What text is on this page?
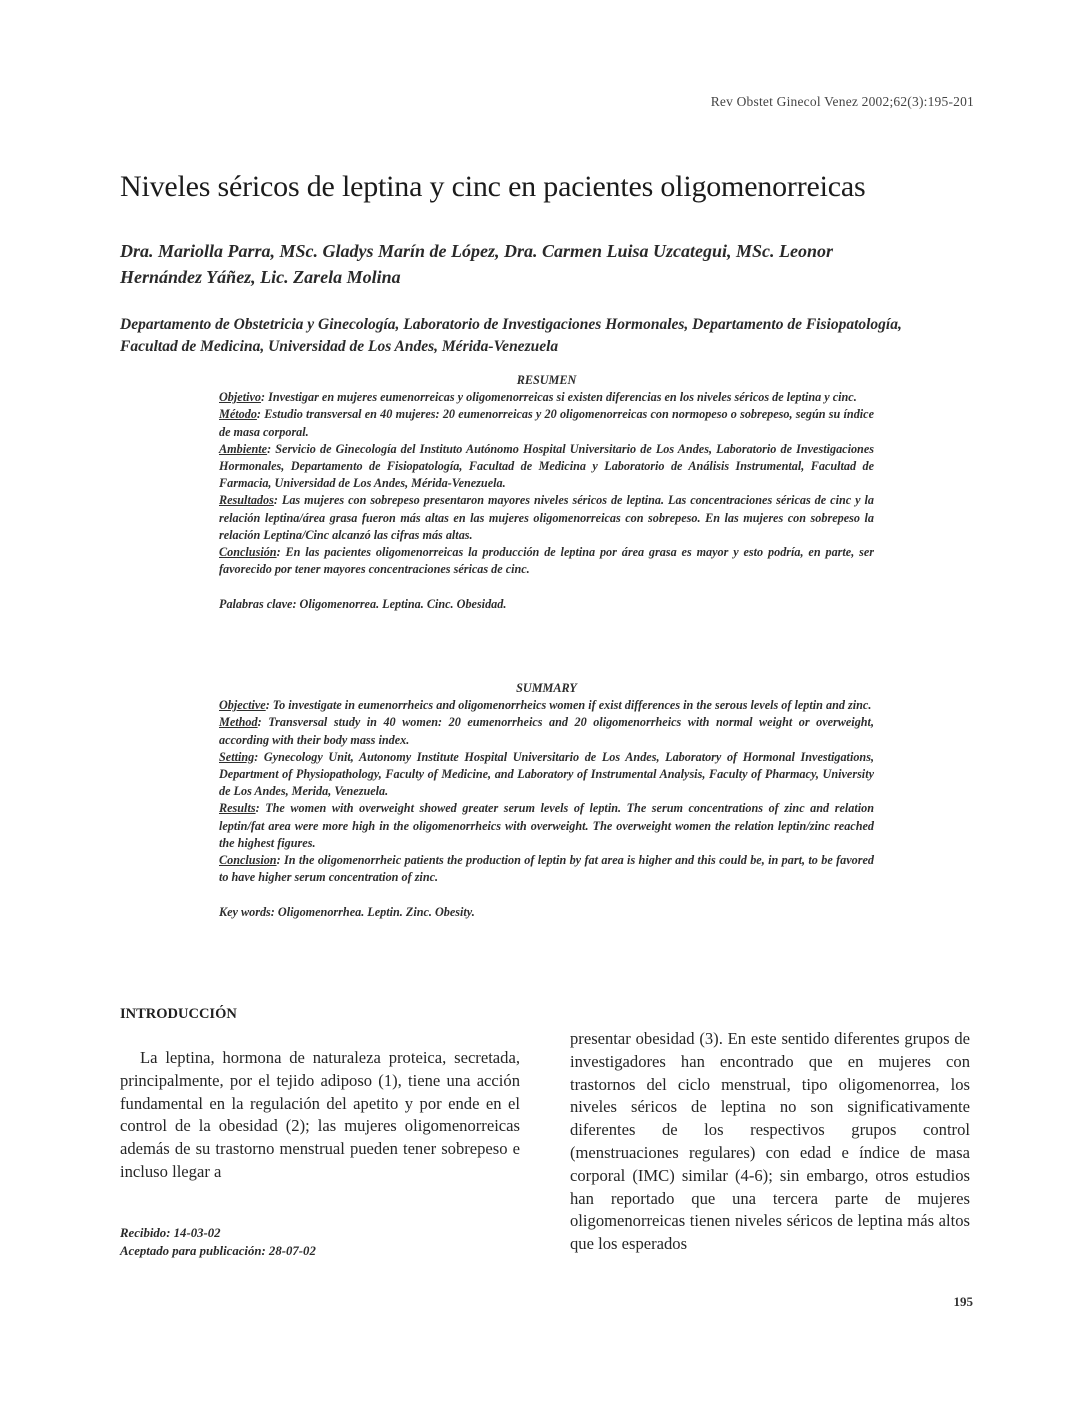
Rev Obstet Ginecol Venez 2002;62(3):195-201
Niveles séricos de leptina y cinc en pacientes oligomenorreicas
Dra. Mariolla Parra, MSc. Gladys Marín de López, Dra. Carmen Luisa Uzcategui, MSc. Leonor Hernández Yáñez, Lic. Zarela Molina
Departamento de Obstetricia y Ginecología, Laboratorio de Investigaciones Hormonales, Departamento de Fisiopatología, Facultad de Medicina, Universidad de Los Andes, Mérida-Venezuela

RESUMEN

Objetivo: Investigar en mujeres eumenorreicas y oligomenorreicas si existen diferencias en los niveles séricos de leptina y cinc.

Método: Estudio transversal en 40 mujeres: 20 eumenorreicas y 20 oligomenorreicas con normopeso o sobrepeso, según su índice de masa corporal.

Ambiente: Servicio de Ginecología del Instituto Autónomo Hospital Universitario de Los Andes, Laboratorio de Investigaciones Hormonales, Departamento de Fisiopatología, Facultad de Medicina y Laboratorio de Análisis Instrumental, Facultad de Farmacia, Universidad de Los Andes, Mérida-Venezuela.

Resultados: Las mujeres con sobrepeso presentaron mayores niveles séricos de leptina. Las concentraciones séricas de cinc y la relación leptina/área grasa fueron más altas en las mujeres oligomenorreicas con sobrepeso. En las mujeres con sobrepeso la relación Leptina/Cinc alcanzó las cifras más altas.

Conclusión: En las pacientes oligomenorreicas la producción de leptina por área grasa es mayor y esto podría, en parte, ser favorecido por tener mayores concentraciones séricas de cinc.

Palabras clave: Oligomenorrea. Leptina. Cinc. Obesidad.

SUMMARY

Objective: To investigate in eumenorrheics and oligomenorrheics women if exist differences in the serous levels of leptin and zinc.

Method: Transversal study in 40 women: 20 eumenorrheics and 20 oligomenorrheics with normal weight or overweight, according with their body mass index.

Setting: Gynecology Unit, Autonomy Institute Hospital Universitario de Los Andes, Laboratory of Hormonal Investigations, Department of Physiopathology, Faculty of Medicine, and Laboratory of Instrumental Analysis, Faculty of Pharmacy, University de Los Andes, Merida, Venezuela.

Results: The women with overweight showed greater serum levels of leptin. The serum concentrations of zinc and relation leptin/fat area were more high in the oligomenorrheics with overweight. The overweight women the relation leptin/zinc reached the highest figures.

Conclusion: In the oligomenorrheic patients the production of leptin by fat area is higher and this could be, in part, to be favored to have higher serum concentration of zinc.

Key words: Oligomenorrhea. Leptin. Zinc. Obesity.

INTRODUCCIÓN

La leptina, hormona de naturaleza proteica, secretada, principalmente, por el tejido adiposo (1), tiene una acción fundamental en la regulación del apetito y por ende en el control de la obesidad (2); las mujeres oligomenorreicas además de su trastorno menstrual pueden tener sobrepeso e incluso llegar a

presentar obesidad (3). En este sentido diferentes grupos de investigadores han encontrado que en mujeres con trastornos del ciclo menstrual, tipo oligomenorrea, los niveles séricos de leptina no son significativamente diferentes de los respectivos grupos control (menstruaciones regulares) con edad e índice de masa corporal (IMC) similar (4-6); sin embargo, otros estudios han reportado que una tercera parte de mujeres oligomenorreicas tienen niveles séricos de leptina más altos que los esperados

Recibido: 14-03-02
Aceptado para publicación: 28-07-02
195
